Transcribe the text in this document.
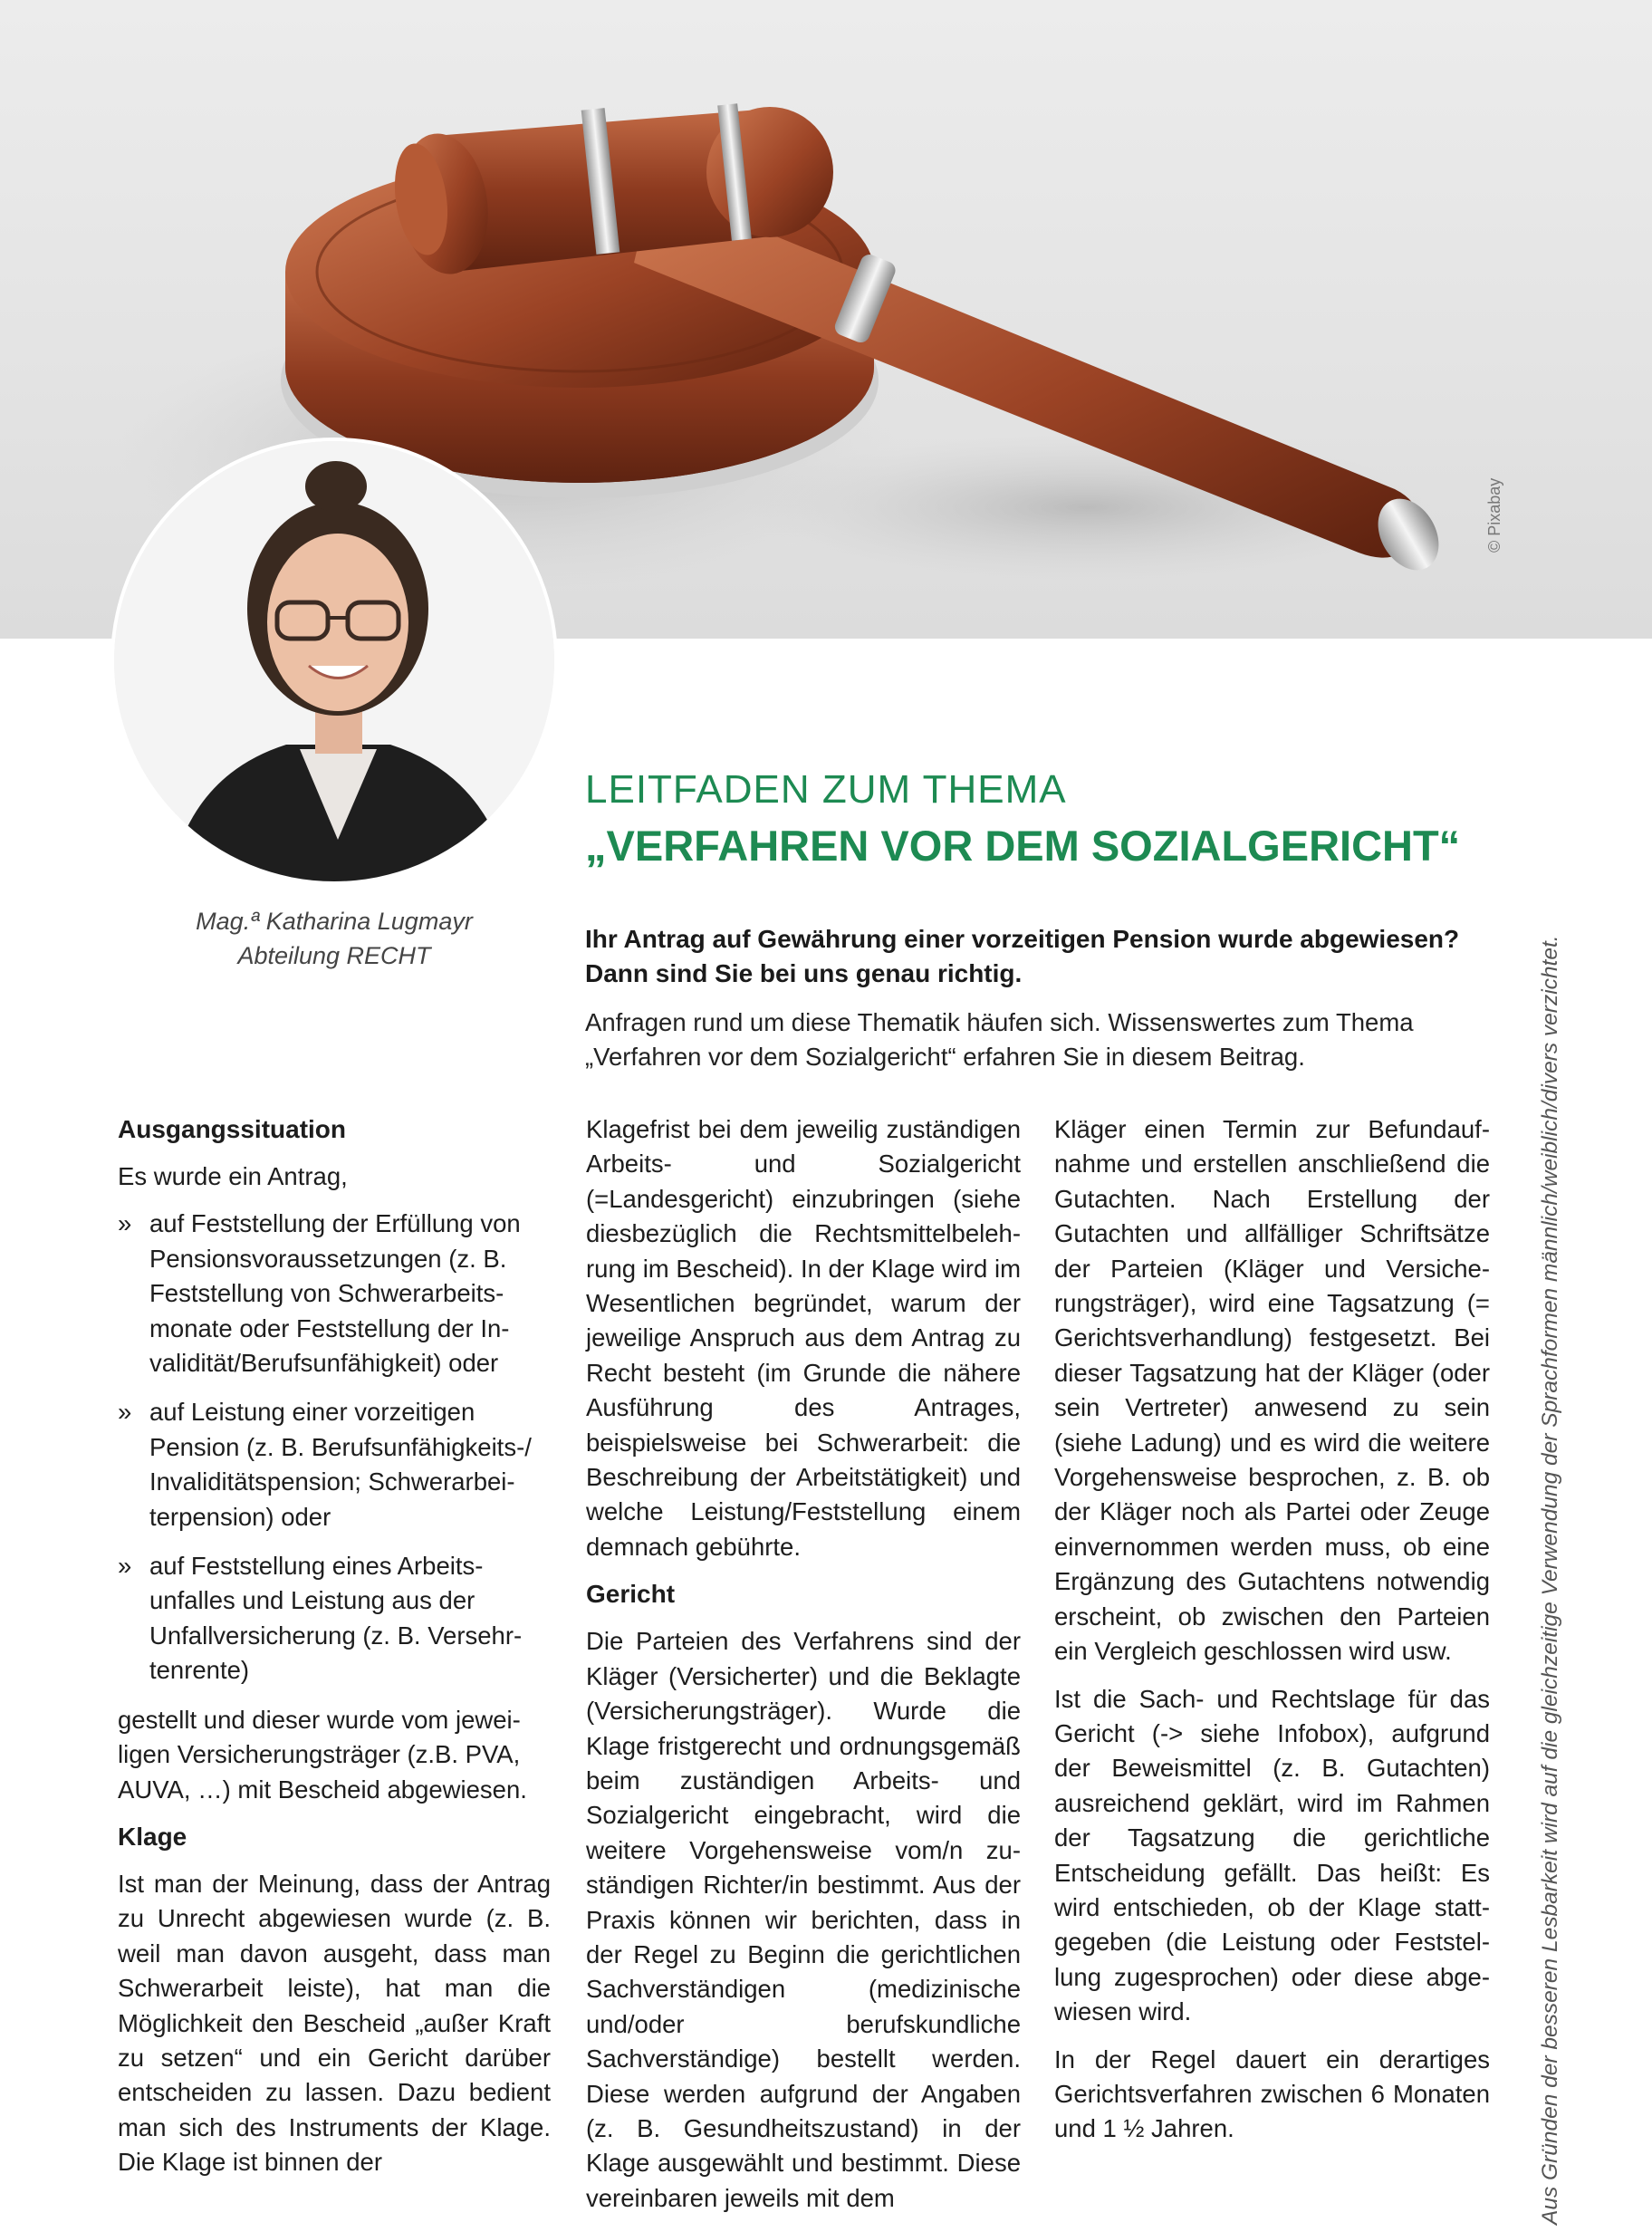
© Pixabay
Mag.ª Katharina Lugmayr
Abteilung RECHT

LEITFADEN ZUM THEMA

„VERFAHREN VOR DEM SOZIALGERICHT“

Ihr Antrag auf Gewährung einer vorzeitigen Pension wurde abgewiesen? Dann sind Sie bei uns genau richtig.

Anfragen rund um diese Thematik häufen sich. Wissenswertes zum Thema „Verfahren vor dem Sozialgericht“ erfahren Sie in diesem Beitrag.

Ausgangssituation

Es wurde ein Antrag,

» auf Feststellung der Erfüllung von Pensionsvoraussetzungen (z. B. Feststellung von Schwerarbeitsmonate oder Feststellung der Invalidität/Berufsunfähigkeit) oder
» auf Leistung einer vorzeitigen Pension (z. B. Berufsunfähigkeits-/ Invaliditätspension; Schwerarbeiterpension) oder
» auf Feststellung eines Arbeitsunfalles und Leistung aus der Unfallversicherung (z. B. Versehrtenrente)

gestellt und dieser wurde vom jeweiligen Versicherungsträger (z.B. PVA, AUVA, …) mit Bescheid abgewiesen.

Klage

Ist man der Meinung, dass der Antrag zu Unrecht abgewiesen wurde (z. B. weil man davon ausgeht, dass man Schwerarbeit leiste), hat man die Möglichkeit den Bescheid „außer Kraft zu setzen“ und ein Gericht darüber entscheiden zu lassen. Dazu bedient man sich des Instruments der Klage. Die Klage ist binnen der

Klagefrist bei dem jeweilig zuständigen Arbeits- und Sozialgericht (=Landesgericht) einzubringen (siehe diesbezüglich die Rechtsmittelbelehrung im Bescheid). In der Klage wird im Wesentlichen begründet, warum der jeweilige Anspruch aus dem Antrag zu Recht besteht (im Grunde die nähere Ausführung des Antrages, beispielsweise bei Schwerarbeit: die Beschreibung der Arbeitstätigkeit) und welche Leistung/Feststellung einem demnach gebührte.

Gericht

Die Parteien des Verfahrens sind der Kläger (Versicherter) und die Beklagte (Versicherungsträger). Wurde die Klage fristgerecht und ordnungsgemäß beim zuständigen Arbeits- und Sozialgericht eingebracht, wird die weitere Vorgehensweise vom/n zuständigen Richter/in bestimmt. Aus der Praxis können wir berichten, dass in der Regel zu Beginn die gerichtlichen Sachverständigen (medizinische und/oder berufskundliche Sachverständige) bestellt werden. Diese werden aufgrund der Angaben (z. B. Gesundheitszustand) in der Klage ausgewählt und bestimmt. Diese vereinbaren jeweils mit dem

Kläger einen Termin zur Befundaufnahme und erstellen anschließend die Gutachten. Nach Erstellung der Gutachten und allfälliger Schriftsätze der Parteien (Kläger und Versicherungsträger), wird eine Tagsatzung (= Gerichtsverhandlung) festgesetzt. Bei dieser Tagsatzung hat der Kläger (oder sein Vertreter) anwesend zu sein (siehe Ladung) und es wird die weitere Vorgehensweise besprochen, z. B. ob der Kläger noch als Partei oder Zeuge einvernommen werden muss, ob eine Ergänzung des Gutachtens notwendig erscheint, ob zwischen den Parteien ein Vergleich geschlossen wird usw.

Ist die Sach- und Rechtslage für das Gericht (-> siehe Infobox), aufgrund der Beweismittel (z. B. Gutachten) ausreichend geklärt, wird im Rahmen der Tagsatzung die gerichtliche Entscheidung gefällt. Das heißt: Es wird entschieden, ob der Klage stattgegeben (die Leistung oder Feststellung zugesprochen) oder diese abgewiesen wird.

In der Regel dauert ein derartiges Gerichtsverfahren zwischen 6 Monaten und 1 ½ Jahren.	Aus Gründen der besseren Lesbarkeit wird auf die gleichzeitige Verwendung der Sprachformen männlich/weiblich/divers verzichtet.
